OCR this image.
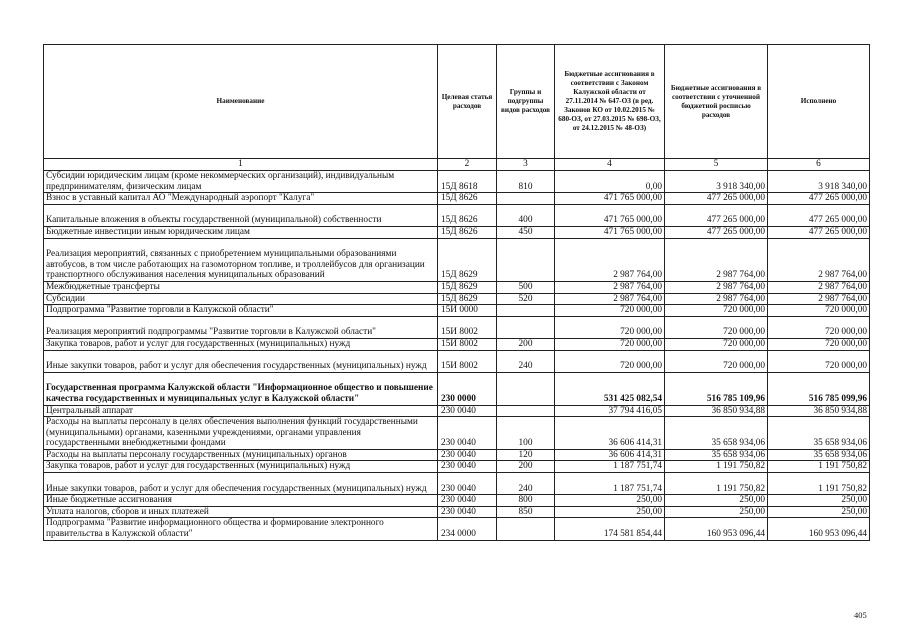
Наименование	Целевая статья расходов	Группы и подгруппы видов расходов	Бюджетные ассигнования в соответствии с Законом Калужской области от 27.11.2014 № 647-ОЗ (в ред. Законов КО от 10.02.2015 № 680-ОЗ, от 27.03.2015 № 698-ОЗ, от 24.12.2015 № 48-ОЗ)	Бюджетные ассигнования в соответствии с уточненной бюджетной росписью расходов	Исполнено
1	2	3	4	5	6
Субсидии юридическим лицам (кроме некоммерческих организаций), индивидуальным предпринимателям, физическим лицам	15Д 8618	810	0,00	3 918 340,00	3 918 340,00
Взнос в уставный капитал АО "Международный аэропорт "Калуга"	15Д 8626		471 765 000,00	477 265 000,00	477 265 000,00
Капитальные вложения в объекты государственной (муниципальной) собственности	15Д 8626	400	471 765 000,00	477 265 000,00	477 265 000,00
Бюджетные инвестиции иным юридическим лицам	15Д 8626	450	471 765 000,00	477 265 000,00	477 265 000,00
Реализация мероприятий, связанных с приобретением муниципальными образованиями автобусов, в том числе работающих на газомоторном топливе, и троллейбусов для организации транспортного обслуживания населения муниципальных образований	15Д 8629		2 987 764,00	2 987 764,00	2 987 764,00
Межбюджетные трансферты	15Д 8629	500	2 987 764,00	2 987 764,00	2 987 764,00
Субсидии	15Д 8629	520	2 987 764,00	2 987 764,00	2 987 764,00
Подпрограмма "Развитие торговли в Калужской области"	15И 0000		720 000,00	720 000,00	720 000,00
Реализация мероприятий подпрограммы "Развитие торговли в Калужской области"	15И 8002		720 000,00	720 000,00	720 000,00
Закупка товаров, работ и услуг для государственных (муниципальных) нужд	15И 8002	200	720 000,00	720 000,00	720 000,00
Иные закупки товаров, работ и услуг для обеспечения государственных (муниципальных) нужд	15И 8002	240	720 000,00	720 000,00	720 000,00
Государственная программа Калужской области "Информационное общество и повышение качества государственных и муниципальных услуг в Калужской области"	230 0000		531 425 082,54	516 785 109,96	516 785 099,96
Центральный аппарат	230 0040		37 794 416,05	36 850 934,88	36 850 934,88
Расходы на выплаты персоналу в целях обеспечения выполнения функций государственными (муниципальными) органами, казенными учреждениями, органами управления государственными внебюджетными фондами	230 0040	100	36 606 414,31	35 658 934,06	35 658 934,06
Расходы на выплаты персоналу государственных (муниципальных) органов	230 0040	120	36 606 414,31	35 658 934,06	35 658 934,06
Закупка товаров, работ и услуг для государственных (муниципальных) нужд	230 0040	200	1 187 751,74	1 191 750,82	1 191 750,82
Иные закупки товаров, работ и услуг для обеспечения государственных (муниципальных) нужд	230 0040	240	1 187 751,74	1 191 750,82	1 191 750,82
Иные бюджетные ассигнования	230 0040	800	250,00	250,00	250,00
Уплата налогов, сборов и иных платежей	230 0040	850	250,00	250,00	250,00
Подпрограмма "Развитие информационного общества и формирование электронного правительства в Калужской области"	234 0000		174 581 854,44	160 953 096,44	160 953 096,44
405
